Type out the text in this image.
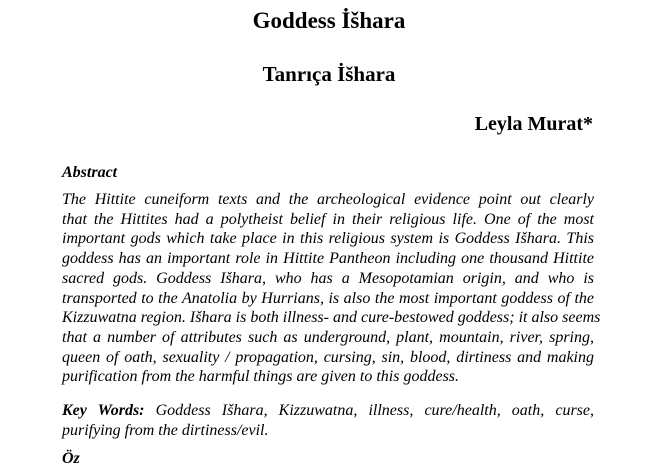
Goddess İšhara
Tanrıça İšhara
Leyla Murat*
Abstract
The Hittite cuneiform texts and the archeological evidence point out clearly
that the Hittites had a polytheist belief in their religious life. One of the most
important gods which take place in this religious system is Goddess Išhara. This
goddess has an important role in Hittite Pantheon including one thousand Hittite
sacred gods. Goddess Išhara, who has a Mesopotamian origin, and who is
transported to the Anatolia by Hurrians, is also the most important goddess of the
Kizzuwatna region. Išhara is both illness- and cure-bestowed goddess; it also seems
that a number of attributes such as underground, plant, mountain, river, spring,
queen of oath, sexuality / propagation, cursing, sin, blood, dirtiness and making
purification from the harmful things are given to this goddess.
Key Words: Goddess Išhara, Kizzuwatna, illness, cure/health, oath, curse,
purifying from the dirtiness/evil.
Öz
